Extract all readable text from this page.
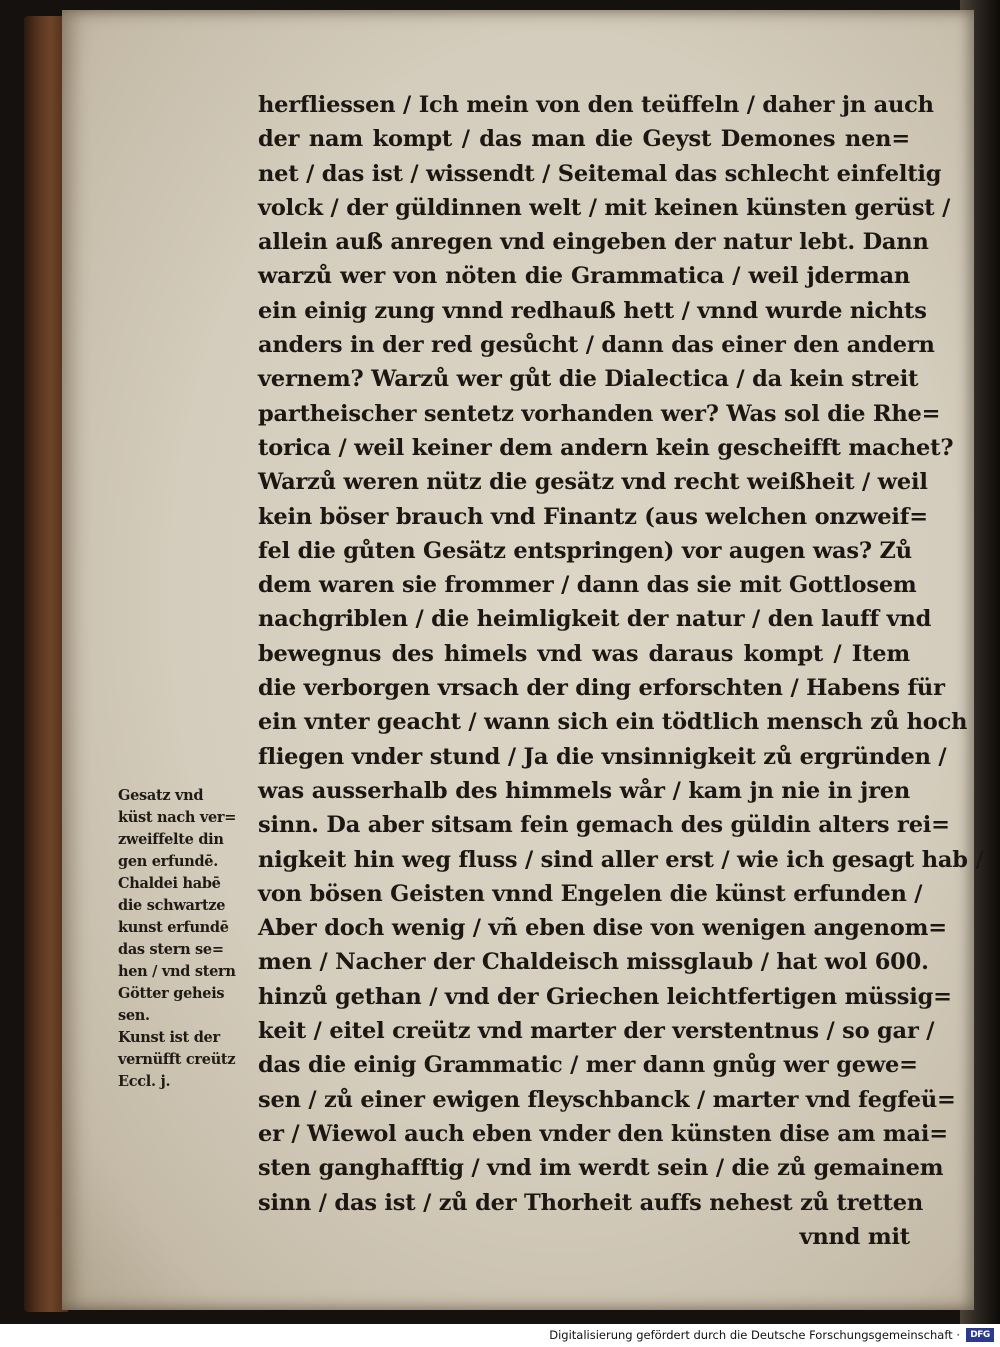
herfliessen / Ich mein von den teüffeln / daher jn auch
der nam kompt / das man die Geyst Demones nen=
net / das ist / wissendt / Seitemal das schlecht einfeltig
volck / der güldinnen welt / mit keinen künsten gerüst /
allein auß anregen vnd eingeben der natur lebt. Dann
warzů wer von nöten die Grammatica / weil jderman
ein einig zung vnnd redhauß hett / vnnd wurde nichts
anders in der red gesůcht / dann das einer den andern
vernem? Warzů wer gůt die Dialectica / da kein streit
partheischer sentetz vorhanden wer? Was sol die Rhe=
torica / weil keiner dem andern kein gescheifft machet?
Warzů weren nütz die gesätz vnd recht weißheit / weil
kein böser brauch vnd Finantz (aus welchen onzweif=
fel die gůten Gesätz entspringen) vor augen was? Zů
dem waren sie frommer / dann das sie mit Gottlosem
nachgriblen / die heimligkeit der natur / den lauff vnd
bewegnus des himels vnd was daraus kompt / Item
die verborgen vrsach der ding erforschten / Habens für
ein vnter geacht / wann sich ein tödtlich mensch zů hoch
fliegen vnder stund / Ja die vnsinnigkeit zů ergründen /
was ausserhalb des himmels wår / kam jn nie in jren
sinn. Da aber sitsam fein gemach des güldin alters rei=
nigkeit hin weg fluss / sind aller erst / wie ich gesagt hab /
von bösen Geisten vnnd Engelen die künst erfunden /
Aber doch wenig / vñ eben dise von wenigen angenom=
men / Nacher der Chaldeisch missglaub / hat wol 600.
hinzů gethan / vnd der Griechen leichtfertigen müssig=
keit / eitel creütz vnd marter der verstentnus / so gar /
das die einig Grammatic / mer dann gnůg wer gewe=
sen / zů einer ewigen fleyschbanck / marter vnd fegfeü=
er / Wiewol auch eben vnder den künsten dise am mai=
sten ganghafftig / vnd im werdt sein / die zů gemainem
sinn / das ist / zů der Thorheit auffs nehest zů tretten
vnnd mit
Gesatz vnd
küst nach ver=
zweiffelte din
gen erfundē.
Chaldei habē
die schwartze
kunst erfundē
das stern se=
hen / vnd stern
Götter geheis
sen.
Kunst ist der
vernüfft creütz
Eccl. j.
Digitalisierung gefördert durch die Deutsche Forschungsgemeinschaft ·	DFG
